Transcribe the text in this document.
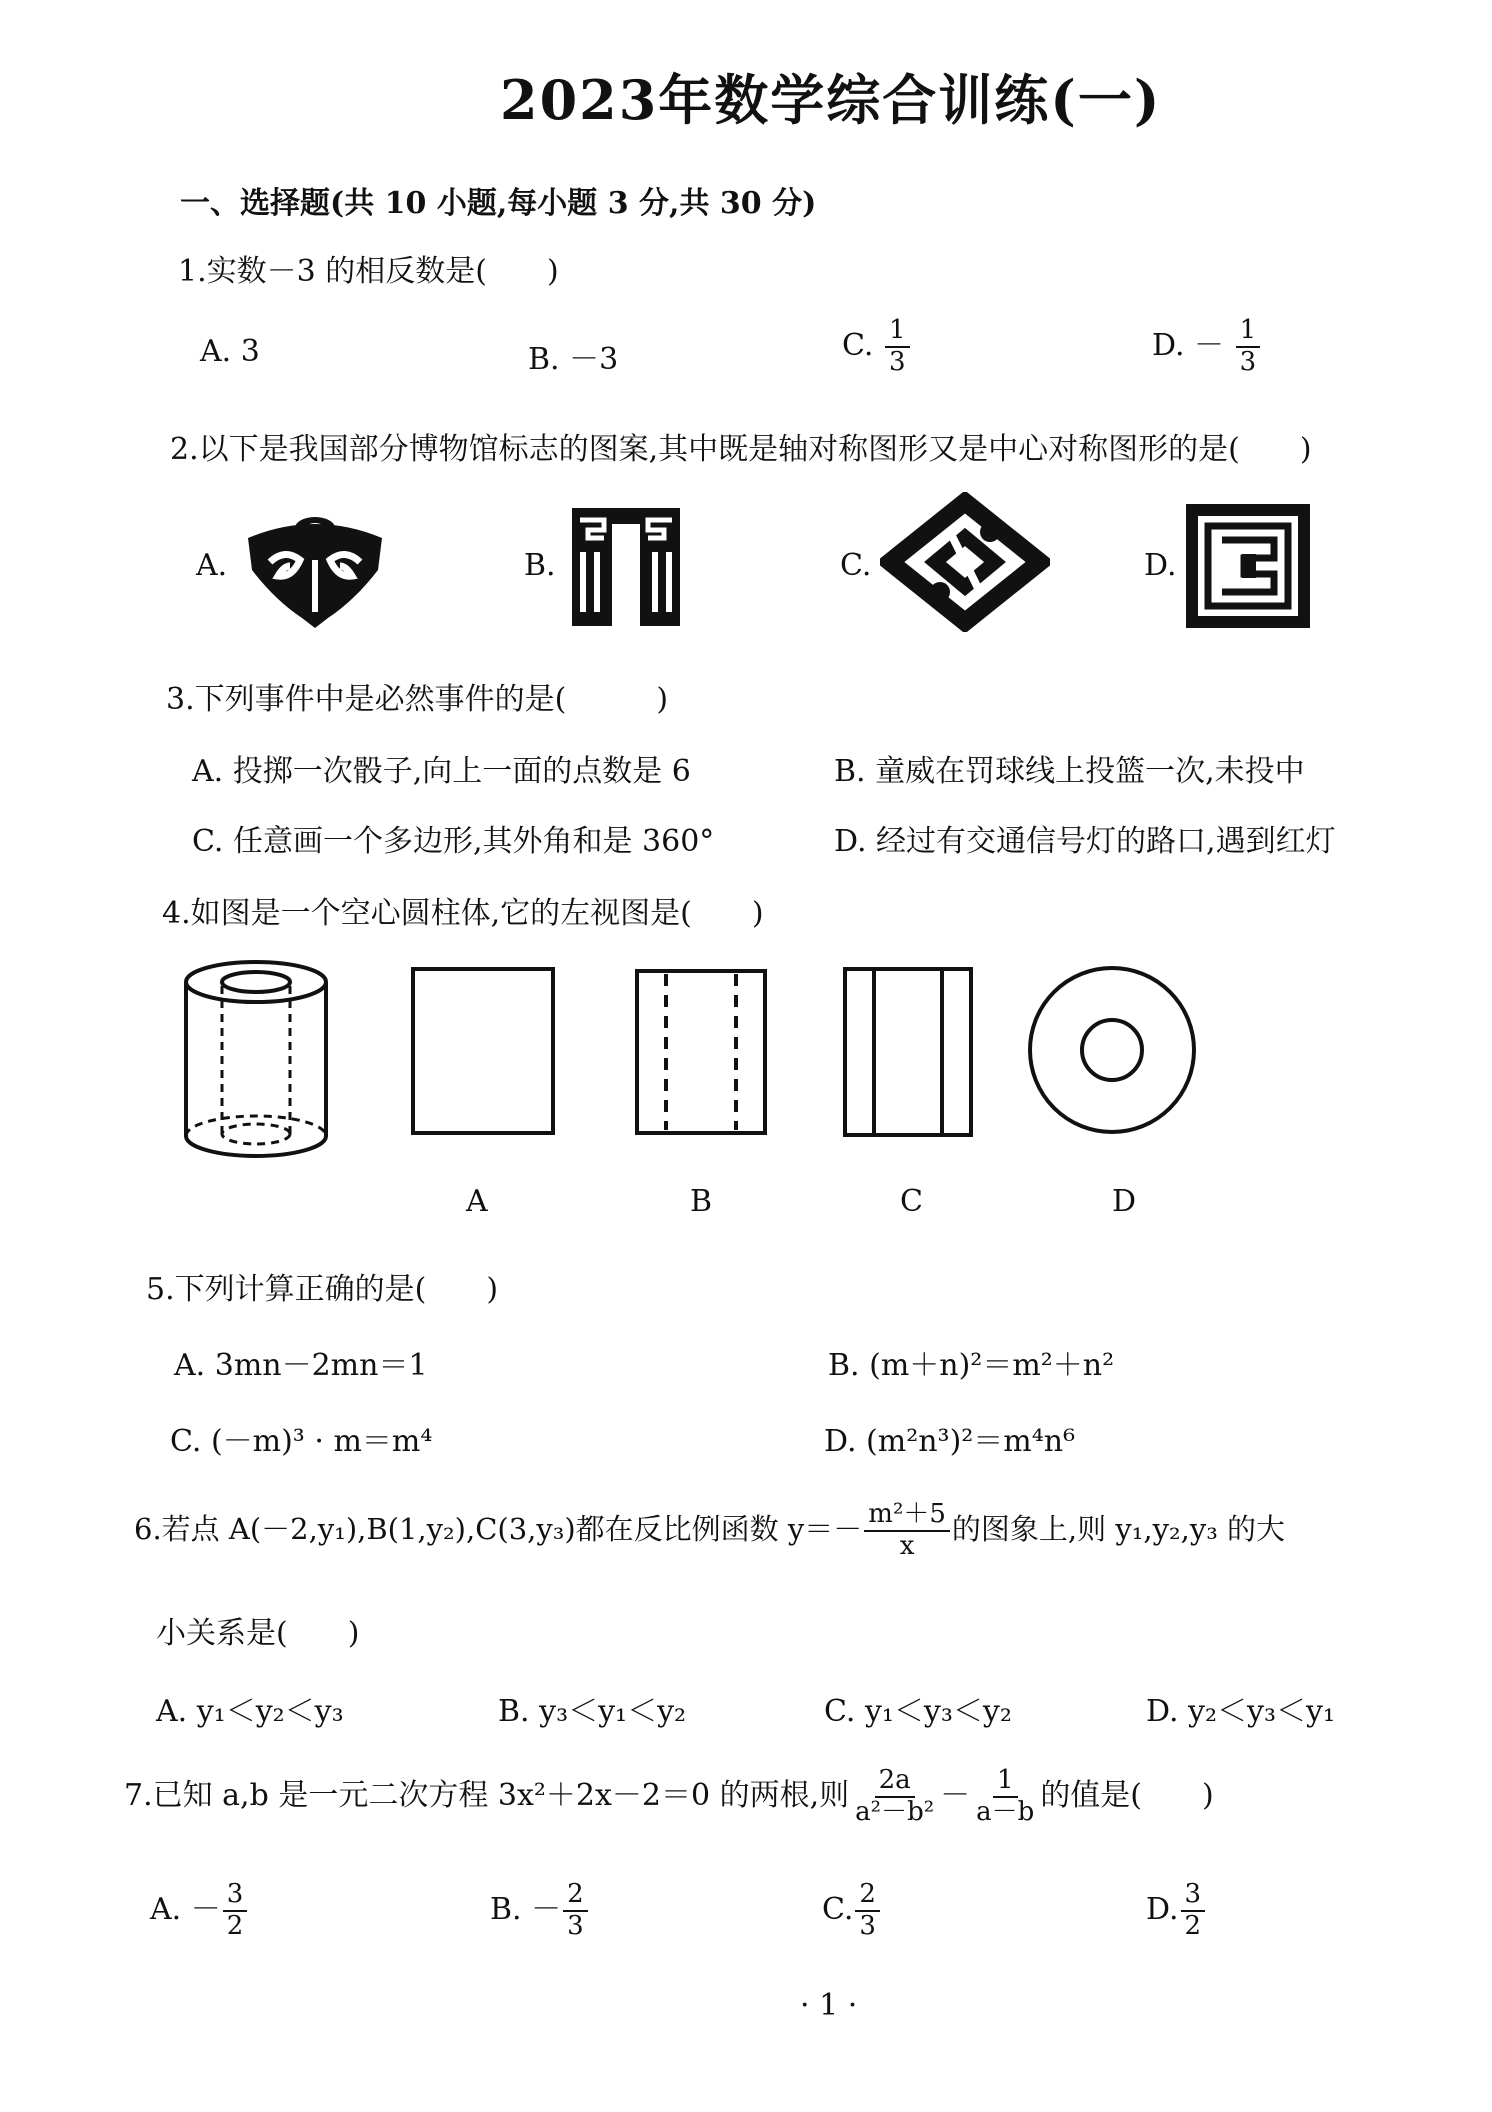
2023年数学综合训练(一)
一、选择题(共 10 小题,每小题 3 分,共 30 分)
1.实数－3 的相反数是(　　)
A. 3	B. －3	C. $\frac{1}{3}$	D. － $\frac{1}{3}$
2.以下是我国部分博物馆标志的图案,其中既是轴对称图形又是中心对称图形的是(　　)
A.	B.	C.	D.
3.下列事件中是必然事件的是(　　　)
A. 投掷一次骰子,向上一面的点数是 6	B. 童威在罚球线上投篮一次,未投中
C. 任意画一个多边形,其外角和是 360°	D. 经过有交通信号灯的路口,遇到红灯
4.如图是一个空心圆柱体,它的左视图是(　　)
A	B	C	D
5.下列计算正确的是(　　)
A. 3mn－2mn＝1	B. (m＋n)²＝m²＋n²
C. (－m)³ · m＝m⁴	D. (m²n³)²＝m⁴n⁶
6.若点 A(－2,y₁),B(1,y₂),C(3,y₃)都在反比例函数 $y=- \frac{\text{m²＋5}}{x}$ 的图象上,则 y₁,y₂,y₃ 的大
小关系是(　　)
A. y₁＜y₂＜y₃	B. y₃＜y₁＜y₂	C. y₁＜y₃＜y₂	D. y₂＜y₃＜y₁
7.已知 a,b 是一元二次方程 3x²＋2x－2＝0 的两根,则 $\frac{2a}{\text{a²－b²}} - \frac{1}{a-b}$ 的值是(　　)
A. － $\frac{3}{2}$	B. － $\frac{2}{3}$	C. $\frac{2}{3}$	D. $\frac{3}{2}$
· 1 ·
